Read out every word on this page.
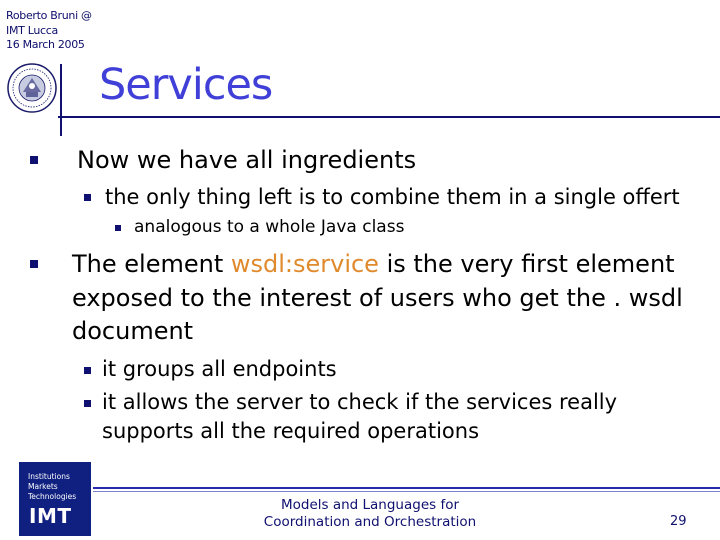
Roberto Bruni @
IMT Lucca
16 March 2005
Services
Now we have all ingredients
the only thing left is to combine them in a single offert
analogous to a whole Java class
The element wsdl:service is the very first element
exposed to the interest of users who get the . wsdl
document
it groups all endpoints
it allows the server to check if the services really
supports all the required operations
Institutions
Markets
Technologies
IMT	Models and Languages for
Coordination and Orchestration	29
